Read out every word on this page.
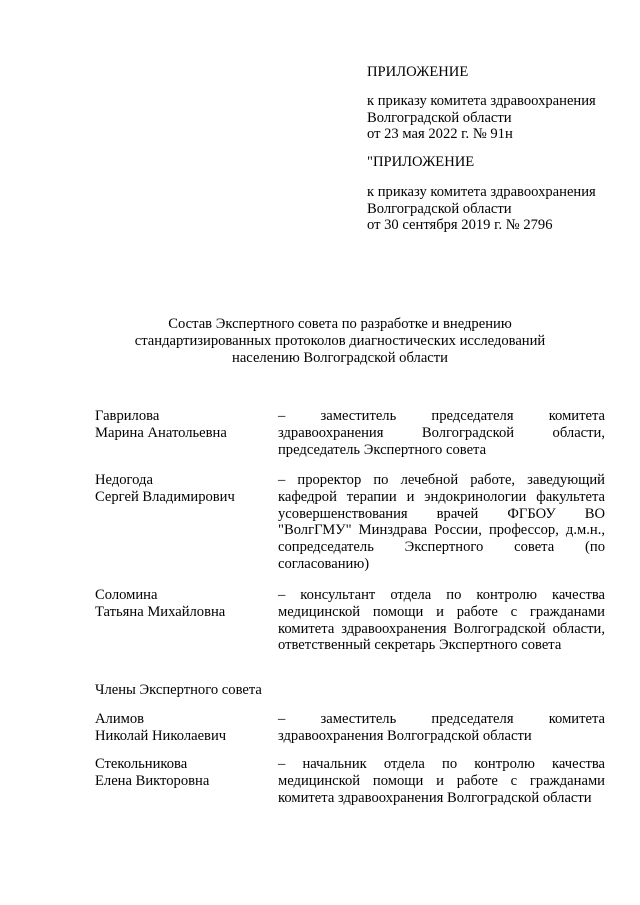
ПРИЛОЖЕНИЕ
к приказу комитета здравоохранения
Волгоградской области
от 23 мая 2022 г. № 91н
"ПРИЛОЖЕНИЕ
к приказу комитета здравоохранения
Волгоградской области
от 30 сентября 2019 г. № 2796
Состав Экспертного совета по разработке и внедрению
стандартизированных протоколов диагностических исследований
населению Волгоградской области
Гаврилова
Марина Анатольевна
– заместитель председателя комитета здравоохранения Волгоградской области, председатель Экспертного совета
Недогода
Сергей Владимирович
– проректор по лечебной работе, заведующий кафедрой терапии и эндокринологии факультета усовершенствования врачей ФГБОУ ВО "ВолгГМУ" Минздрава России, профессор, д.м.н., сопредседатель Экспертного совета (по согласованию)
Соломина
Татьяна Михайловна
– консультант отдела по контролю качества медицинской помощи и работе с гражданами комитета здравоохранения Волгоградской области, ответственный секретарь Экспертного совета
Члены Экспертного совета
Алимов
Николай Николаевич
– заместитель председателя комитета здравоохранения Волгоградской области
Стекольникова
Елена Викторовна
– начальник отдела по контролю качества медицинской помощи и работе с гражданами комитета здравоохранения Волгоградской области
